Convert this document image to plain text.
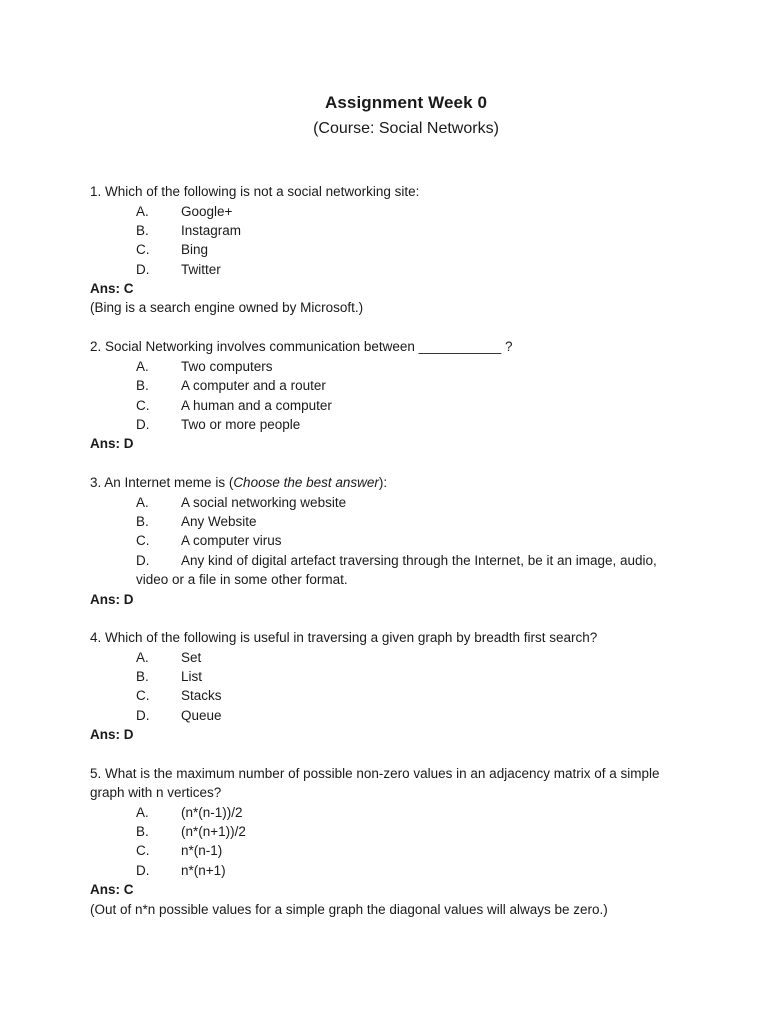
Assignment Week 0
(Course: Social Networks)
1. Which of the following is not a social networking site:
A. Google+
B. Instagram
C. Bing
D. Twitter
Ans: C
(Bing is a search engine owned by Microsoft.)
2. Social Networking involves communication between ___________ ?
A. Two computers
B. A computer and a router
C. A human and a computer
D. Two or more people
Ans: D
3. An Internet meme is (Choose the best answer):
A. A social networking website
B. Any Website
C. A computer virus
D. Any kind of digital artefact traversing through the Internet, be it an image, audio,
video or a file in some other format.
Ans: D
4. Which of the following is useful in traversing a given graph by breadth first search?
A. Set
B. List
C. Stacks
D. Queue
Ans: D
5. What is the maximum number of possible non-zero values in an adjacency matrix of a simple
graph with n vertices?
A. (n*(n-1))/2
B. (n*(n+1))/2
C. n*(n-1)
D. n*(n+1)
Ans: C
(Out of n*n possible values for a simple graph the diagonal values will always be zero.)
